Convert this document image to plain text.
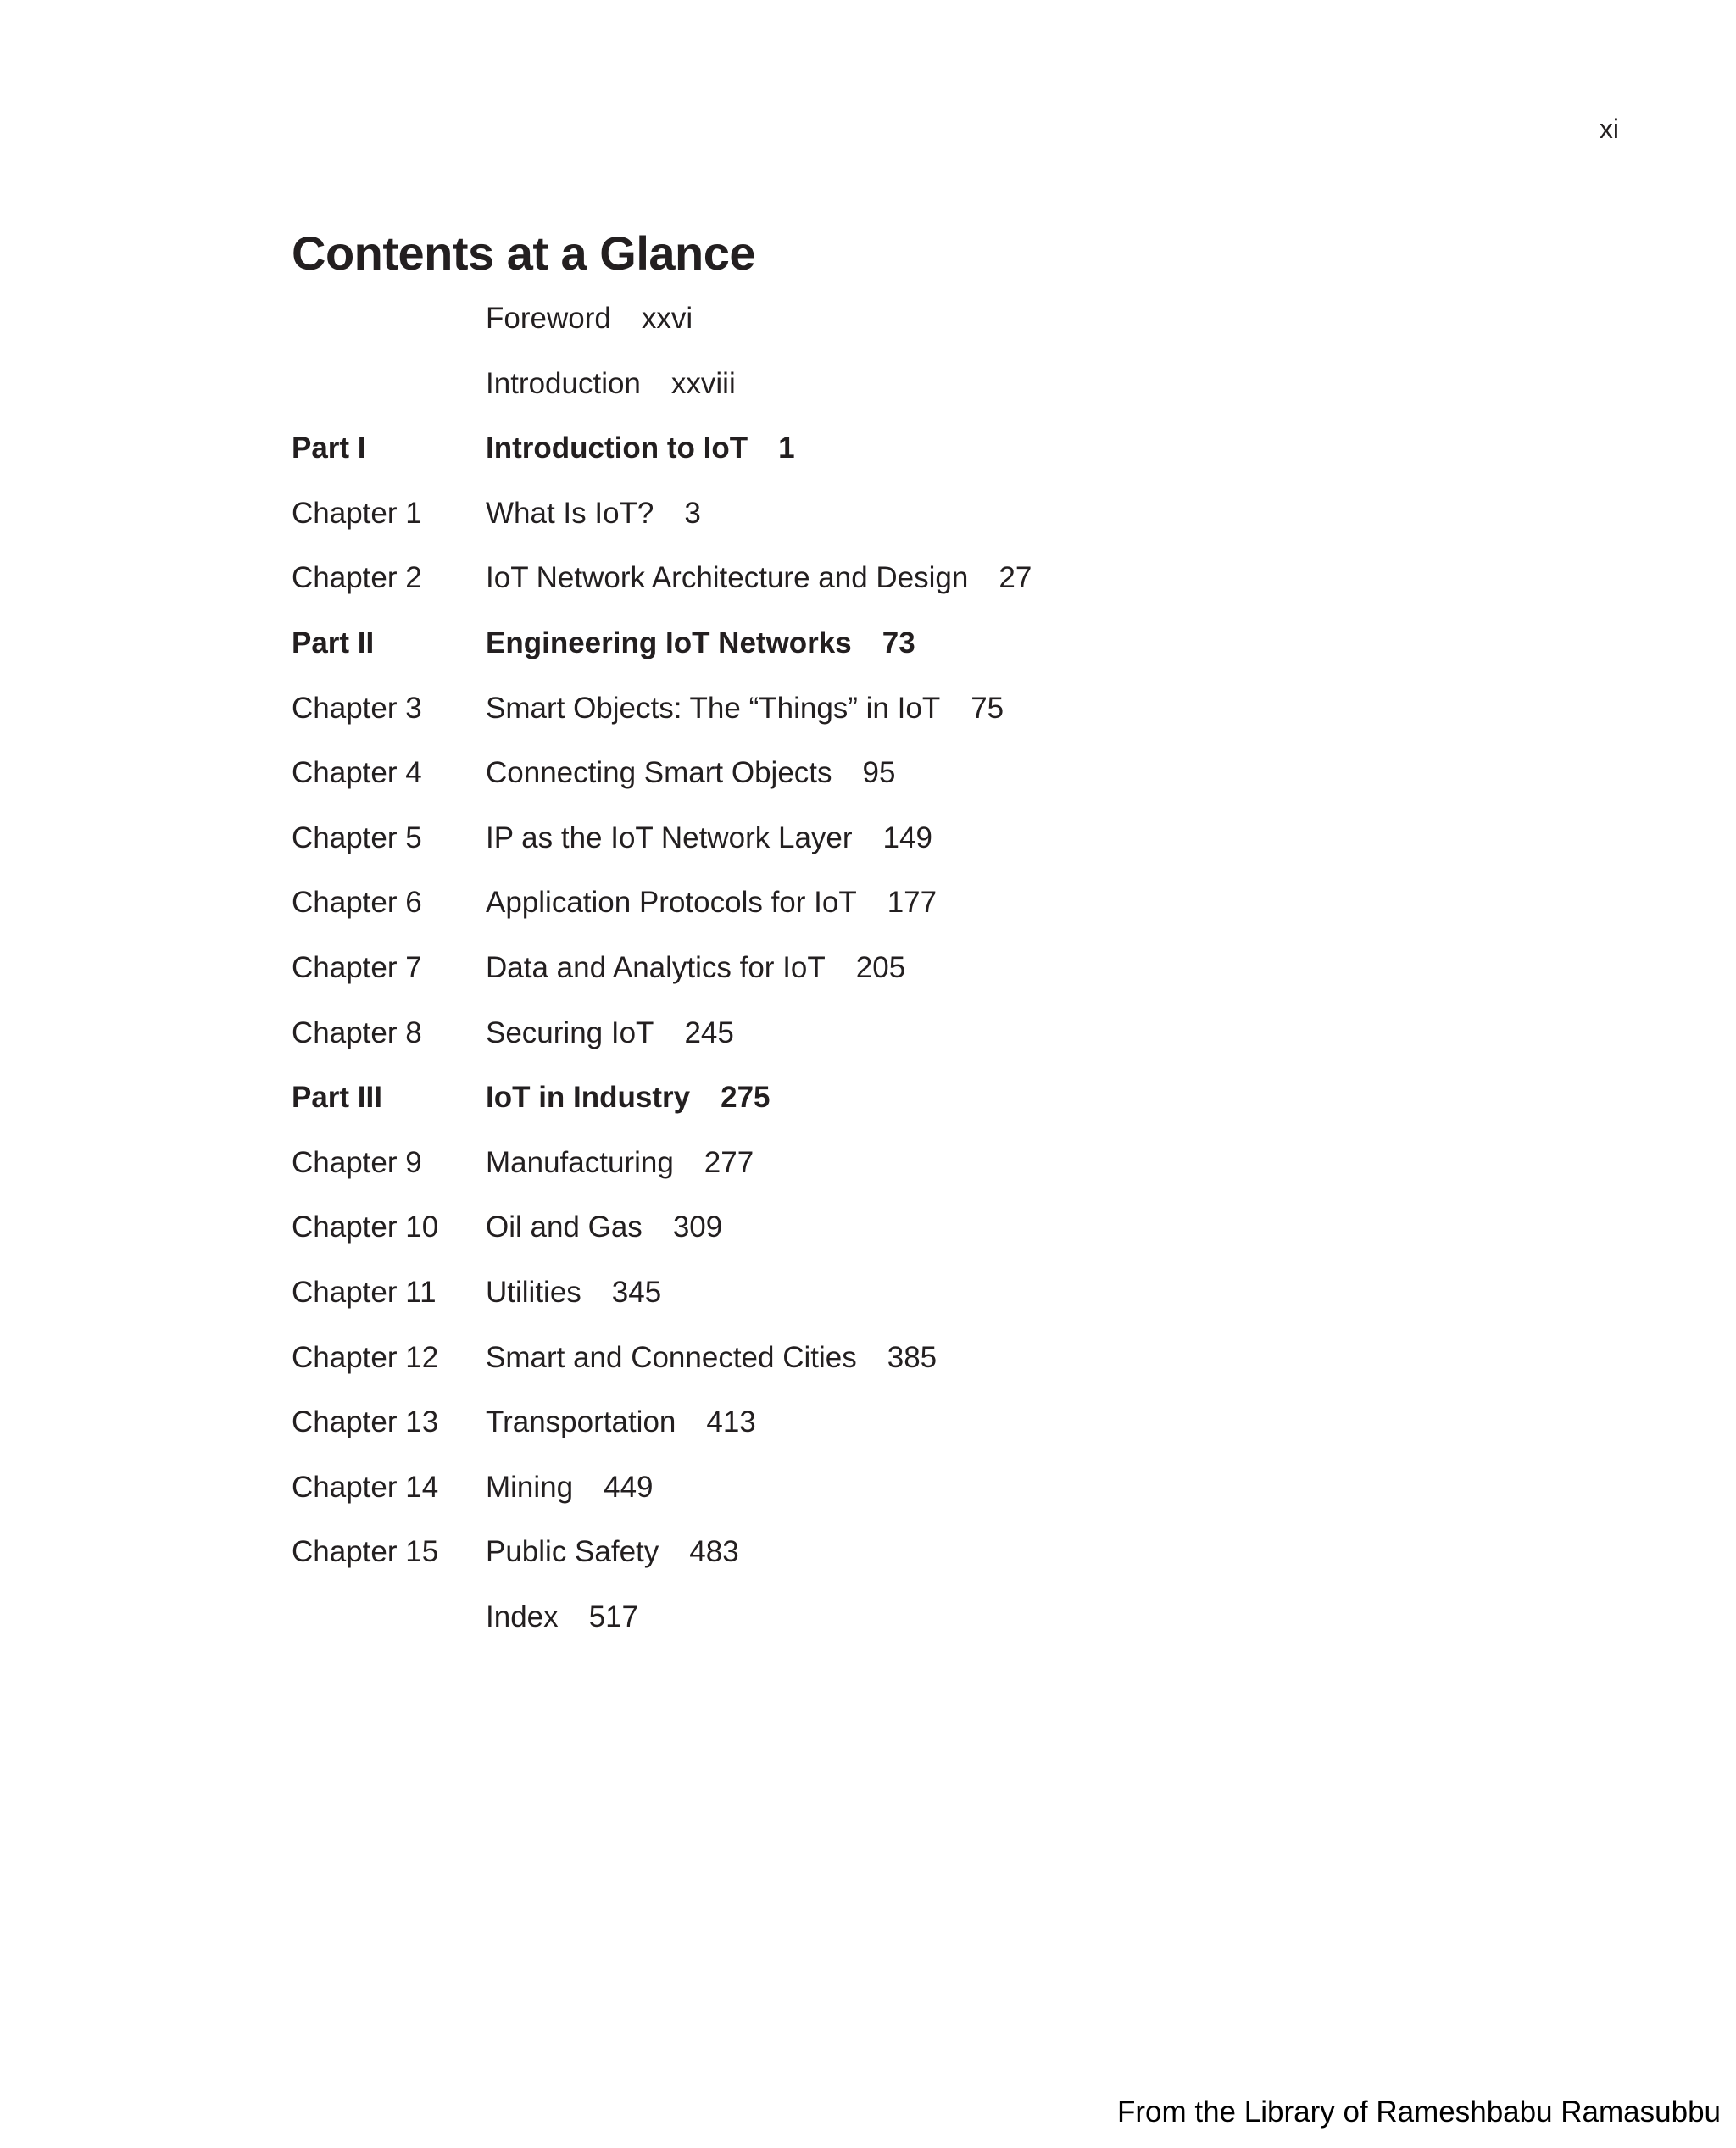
xi
Contents at a Glance
Foreword xxvi
Introduction xxviii
Part I	Introduction to IoT 1
Chapter 1	What Is IoT? 3
Chapter 2	IoT Network Architecture and Design 27
Part II	Engineering IoT Networks 73
Chapter 3	Smart Objects: The “Things” in IoT 75
Chapter 4	Connecting Smart Objects 95
Chapter 5	IP as the IoT Network Layer 149
Chapter 6	Application Protocols for IoT 177
Chapter 7	Data and Analytics for IoT 205
Chapter 8	Securing IoT 245
Part III	IoT in Industry 275
Chapter 9	Manufacturing 277
Chapter 10	Oil and Gas 309
Chapter 11	Utilities 345
Chapter 12	Smart and Connected Cities 385
Chapter 13	Transportation 413
Chapter 14	Mining 449
Chapter 15	Public Safety 483
Index 517
From the Library of Rameshbabu Ramasubbu
